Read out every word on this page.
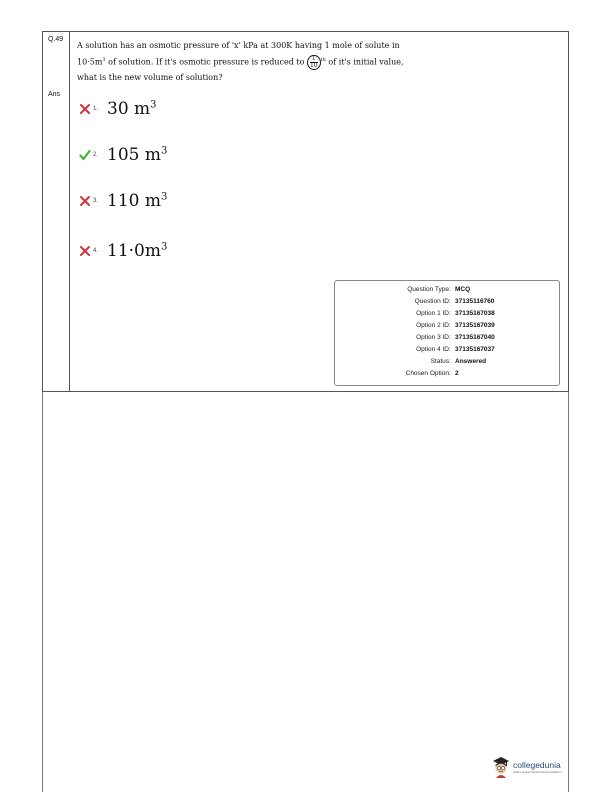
Q.49
Ans
A solution has an osmotic pressure of 'x' kPa at 300K having 1 mole of solute in
$10\cdot 5m^3$ of solution. If it's osmotic pressure is reduced to $\frac{1}{10} ^{th}$ of it's initial value,
what is the new volume of solution?
1. 30 $m^3$
2. 105 $m^3$
3. 110 $m^3$
4. $11\cdot 0m^3$
Question Type : MCQ
Question ID : 37135116760
Option 1 ID : 37135167038
Option 2 ID : 37135167039
Option 3 ID : 37135167040
Option 4 ID : 37135167037
Status : Answered
Chosen Option : 2
collegedunia
India's largest Student Review Platform
